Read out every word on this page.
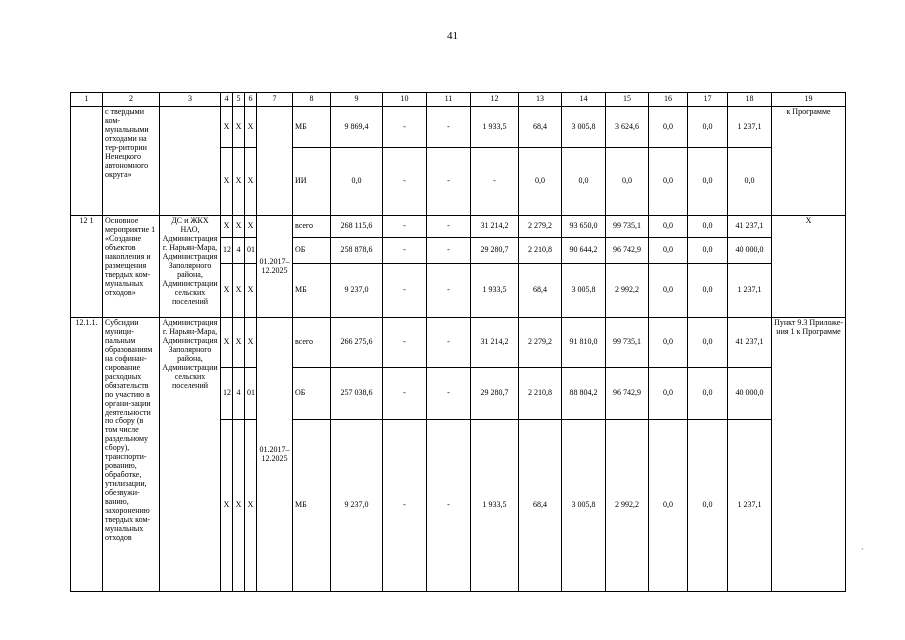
41
1	2	3	4	5	6	7	8	9	10	11	12	13	14	15	16	17	18	19
	с твердыми ком-мунальными отходами на тер-ритории Ненецкого автономного округа»		X	X	X		МБ	9 869,4	-	-	1 933,5	68,4	3 005,8	3 624,6	0,0	0,0	1 237,1	к Программе
			X	X	X		ИИ	0,0	-	-	-	0,0	0,0	0,0	0,0	0,0	0,0	
12 1	Основное мероприятие 1 «Создание объектов накопления и размещения твердых ком-мунальных отходов»	ДС и ЖКХ НАО, Администрация г. Нарьян-Мара, Администрация Заполярного района, Администрации сельских поселений	X	X	X	01.2017–12.2025	всего	268 115,6	-	-	31 214,2	2 279,2	93 650,0	99 735,1	0,0	0,0	41 237,1	X
			12	4	01		ОБ	258 878,6	-	-	29 280,7	2 210,8	90 644,2	96 742,9	0,0	0,0	40 000,0	
			X	X	X		МБ	9 237,0	-	-	1 933,5	68,4	3 005,8	2 992,2	0,0	0,0	1 237,1	
12.1.1.	Субсидии муници-пальным образованиям на софинан-сирование расходных обязательств по участию в органи-зации деятельности по сбору (в том числе раздельному сбору), транспорти-рованию, обработке, утилизации, обезвужи-ванию, захоронению твердых ком-мунальных отходов	Администрация г. Нарьян-Мара, Администрация Заполярного района, Администрации сельских поселений	X	X	X	01.2017–12.2025	всего	266 275,6	-	-	31 214,2	2 279,2	91 810,0	99 735,1	0,0	0,0	41 237,1	Пункт 9.3 Приложе-ния 1 к Программе
			12	4	01		ОБ	257 038,6	-	-	29 280,7	2 210,8	88 804,2	96 742,9	0,0	0,0	40 000,0	
			X	X	X		МБ	9 237,0	-	-	1 933,5	68,4	3 005,8	2 992,2	0,0	0,0	1 237,1	
·
